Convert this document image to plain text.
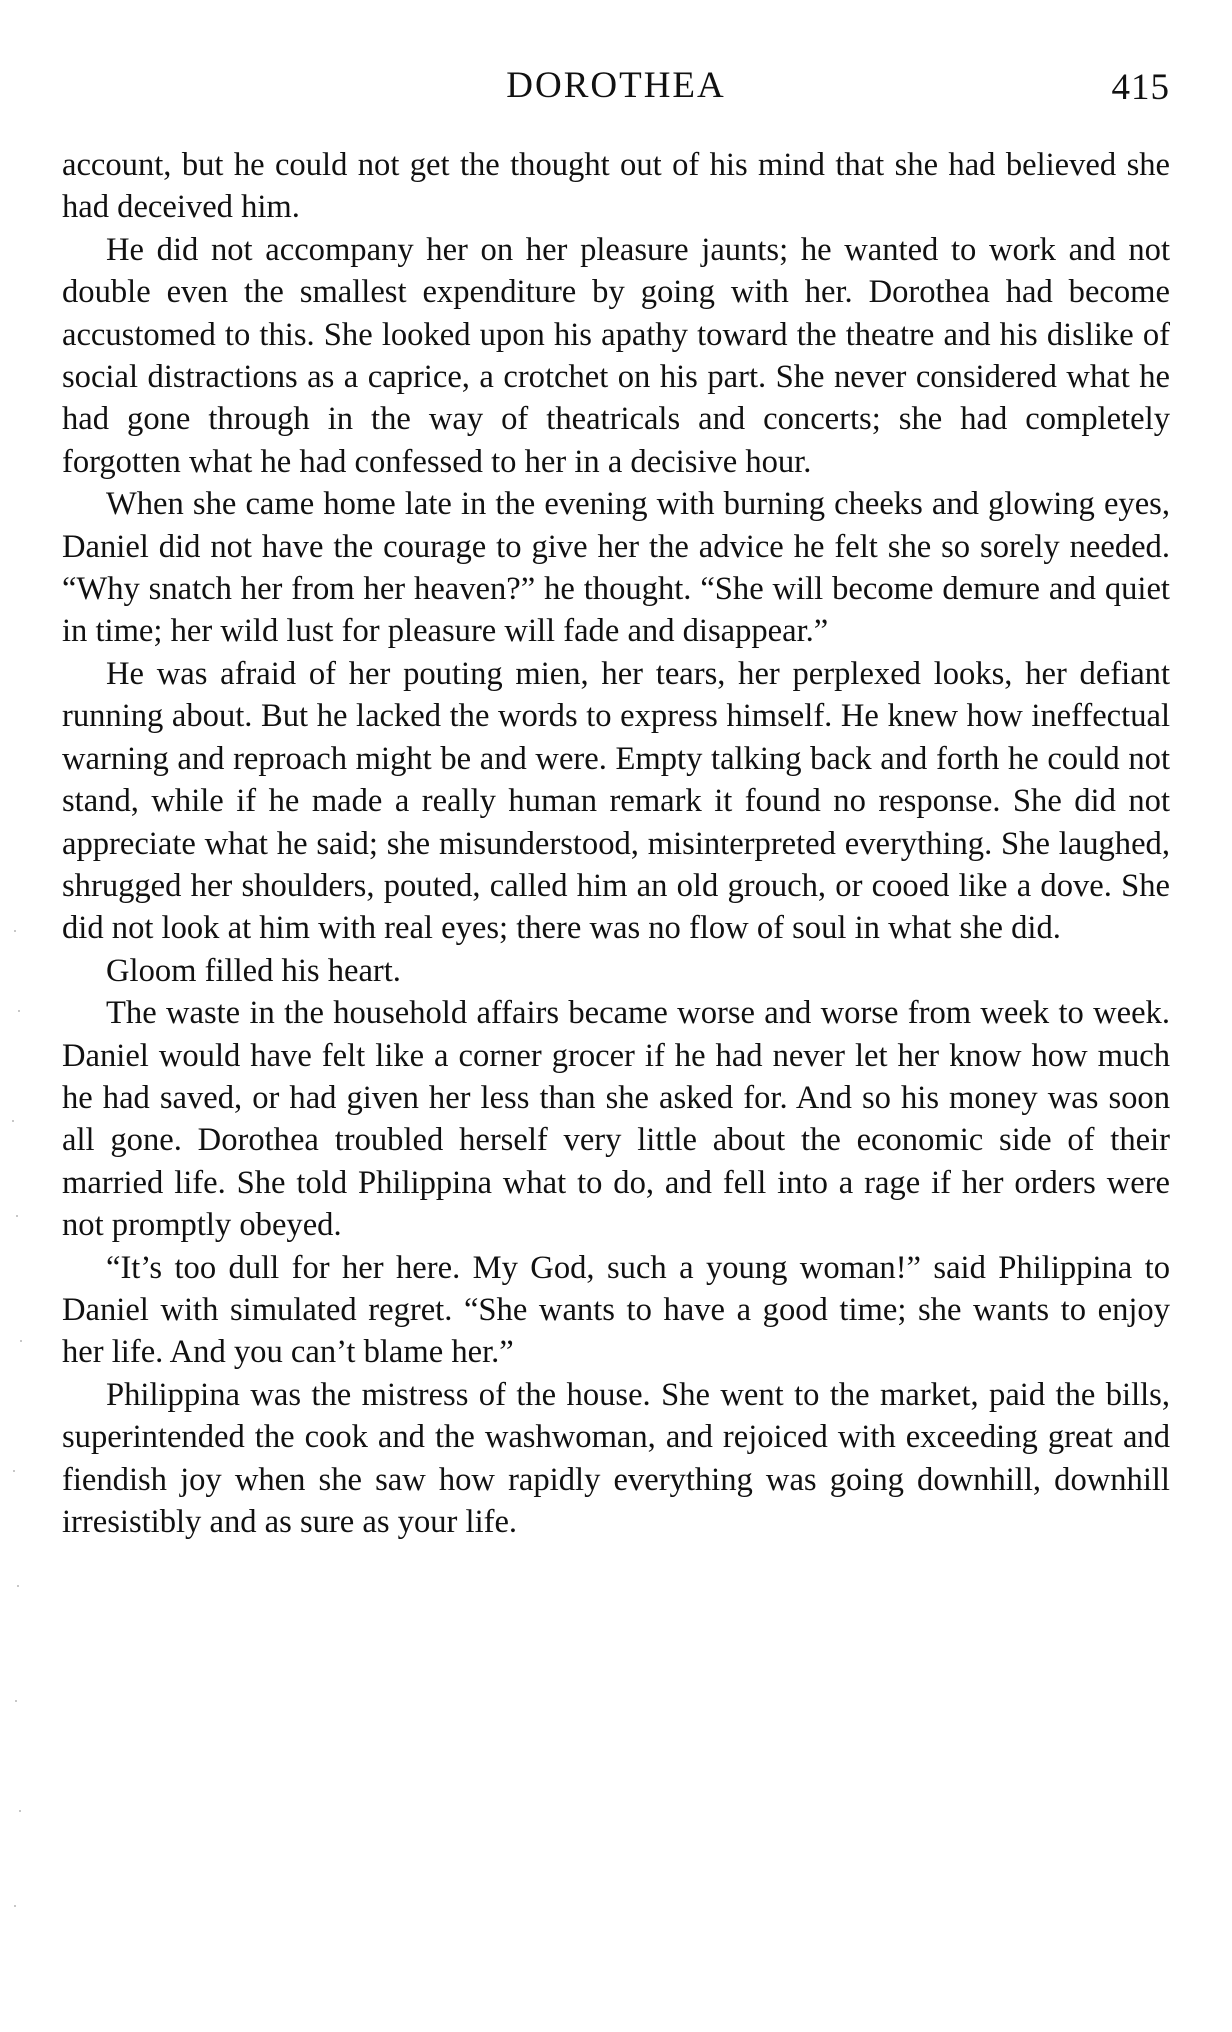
DOROTHEA	415

account, but he could not get the thought out of his mind that she had believed she had deceived him.

He did not accompany her on her pleasure jaunts; he wanted to work and not double even the smallest expenditure by going with her. Dorothea had become accustomed to this. She looked upon his apathy toward the theatre and his dislike of social distractions as a caprice, a crotchet on his part. She never considered what he had gone through in the way of theatricals and concerts; she had completely forgotten what he had confessed to her in a decisive hour.

When she came home late in the evening with burning cheeks and glowing eyes, Daniel did not have the courage to give her the advice he felt she so sorely needed. “Why snatch her from her heaven?” he thought. “She will become demure and quiet in time; her wild lust for pleasure will fade and disappear.”

He was afraid of her pouting mien, her tears, her perplexed looks, her defiant running about. But he lacked the words to express himself. He knew how ineffectual warning and reproach might be and were. Empty talking back and forth he could not stand, while if he made a really human remark it found no response. She did not appreciate what he said; she misunderstood, misinterpreted everything. She laughed, shrugged her shoulders, pouted, called him an old grouch, or cooed like a dove. She did not look at him with real eyes; there was no flow of soul in what she did.

Gloom filled his heart.

The waste in the household affairs became worse and worse from week to week. Daniel would have felt like a corner grocer if he had never let her know how much he had saved, or had given her less than she asked for. And so his money was soon all gone. Dorothea troubled herself very little about the economic side of their married life. She told Philippina what to do, and fell into a rage if her orders were not promptly obeyed.

“It’s too dull for her here. My God, such a young woman!” said Philippina to Daniel with simulated regret. “She wants to have a good time; she wants to enjoy her life. And you can’t blame her.”

Philippina was the mistress of the house. She went to the market, paid the bills, superintended the cook and the washwoman, and rejoiced with exceeding great and fiendish joy when she saw how rapidly everything was going downhill, downhill irresistibly and as sure as your life.
